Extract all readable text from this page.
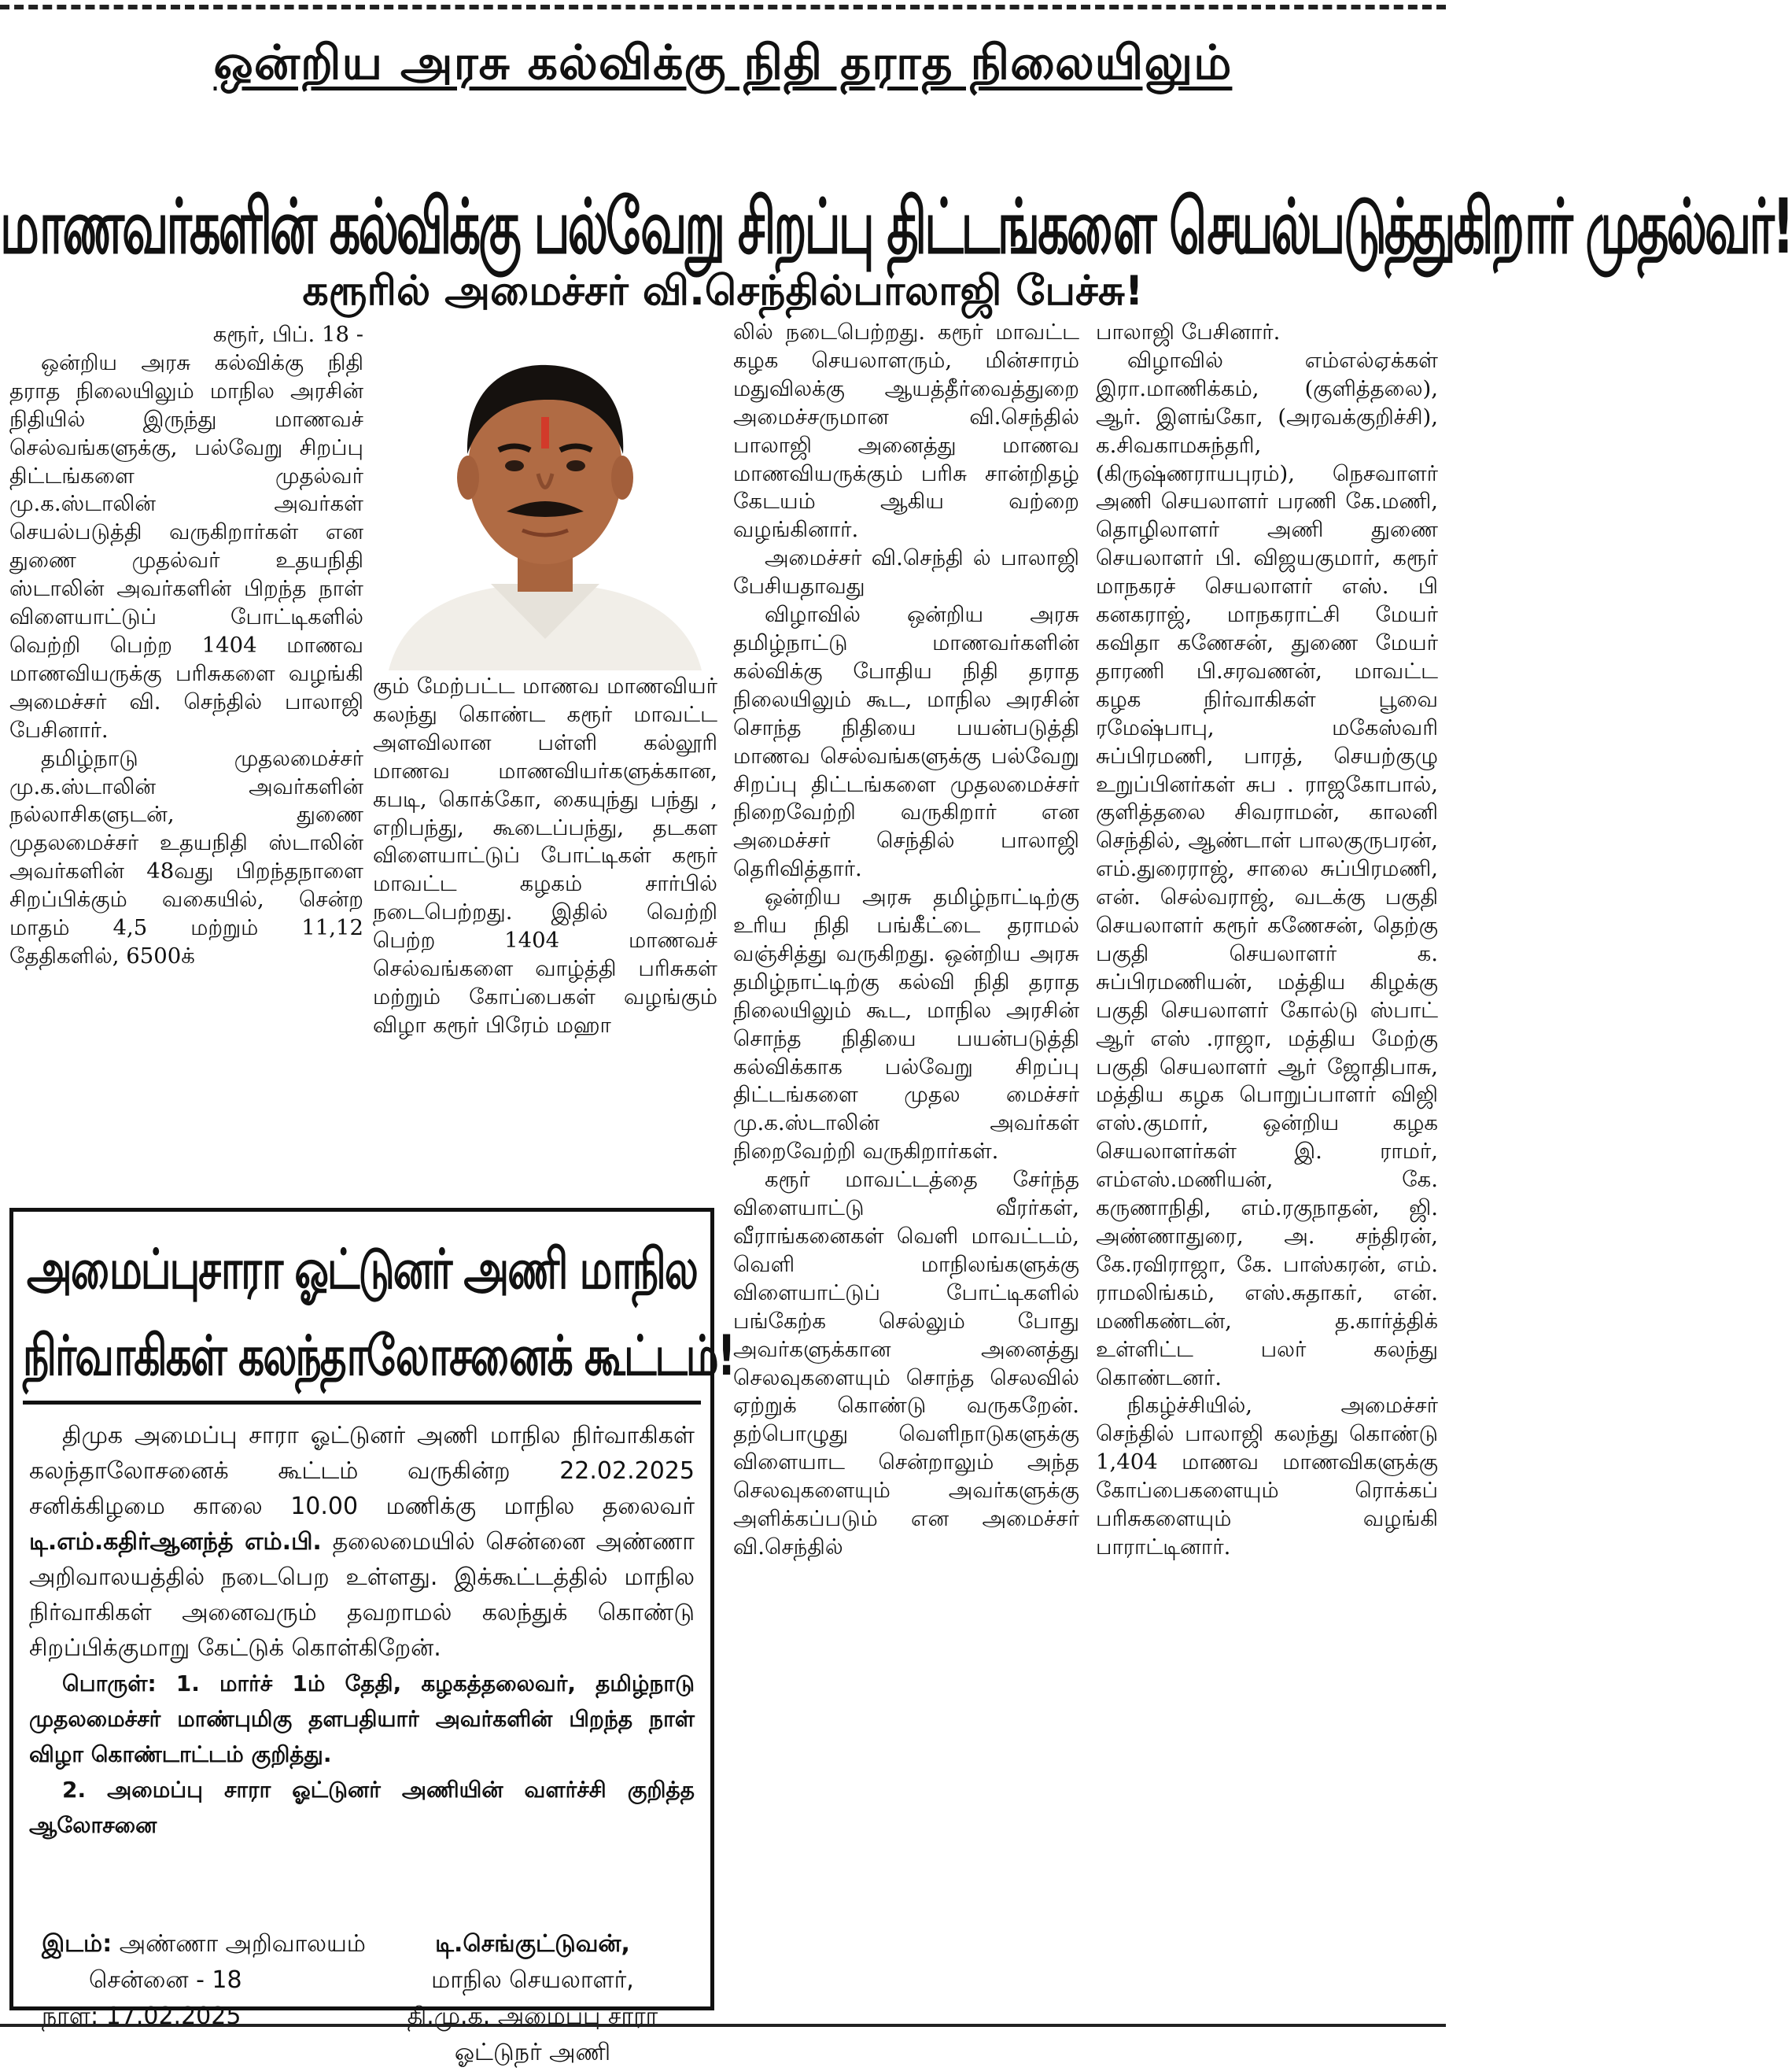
ஒன்றிய அரசு கல்விக்கு நிதி தராத நிலையிலும்
மாணவர்களின் கல்விக்கு பல்வேறு சிறப்பு திட்டங்களை செயல்படுத்துகிறார் முதல்வர்!
கரூரில் அமைச்சர் வி.செந்தில்பாலாஜி பேச்சு!

கரூர், பிப். 18 -

ஒன்றிய அரசு கல்விக்கு நிதி தராத நிலையிலும் மாநில அரசின் நிதியில் இருந்து மாணவச் செல்வங்களுக்கு, பல்வேறு சிறப்பு திட்டங்களை முதல்வர் மு.க.ஸ்டாலின் அவர்கள் செயல்படுத்தி வருகிறார்கள் என துணை முதல்வர் உதயநிதி ஸ்டாலின் அவர்களின் பிறந்த நாள் விளையாட்டுப் போட்டிகளில் வெற்றி பெற்ற 1404 மாணவ மாணவியருக்கு பரிசுகளை வழங்கி அமைச்சர் வி. செந்தில் பாலாஜி பேசினார்.

தமிழ்நாடு முதலமைச்சர் மு.க.ஸ்டாலின் அவர்களின் நல்லாசிகளுடன், துணை முதலமைச்சர் உதயநிதி ஸ்டாலின் அவர்களின் 48வது பிறந்தநாளை சிறப்பிக்கும் வகையில், சென்ற மாதம் 4,5 மற்றும் 11,12 தேதிகளில், 6500க்

கும் மேற்பட்ட மாணவ மாணவியர் கலந்து கொண்ட கரூர் மாவட்ட அளவிலான பள்ளி கல்லூரி மாணவ மாணவியர்களுக்கான, கபடி, கொக்கோ, கையுந்து பந்து , எறிபந்து, கூடைப்பந்து, தடகள விளையாட்டுப் போட்டிகள் கரூர் மாவட்ட கழகம் சார்பில் நடைபெற்றது. இதில் வெற்றி பெற்ற 1404 மாணவச் செல்வங்களை வாழ்த்தி பரிசுகள் மற்றும் கோப்பைகள் வழங்கும் விழா கரூர் பிரேம் மஹா

லில் நடைபெற்றது. கரூர் மாவட்ட கழக செயலாளரும், மின்சாரம் மதுவிலக்கு ஆயத்தீர்வைத்துறை அமைச்சருமான வி.செந்தில் பாலாஜி அனைத்து மாணவ மாணவியருக்கும் பரிசு சான்றிதழ் கேடயம் ஆகிய வற்றை வழங்கினார்.

அமைச்சர் வி.செந்தி ல் பாலாஜி பேசியதாவது

விழாவில் ஒன்றிய அரசு தமிழ்நாட்டு மாணவர்களின் கல்விக்கு போதிய நிதி தராத நிலையிலும் கூட, மாநில அரசின் சொந்த நிதியை பயன்படுத்தி மாணவ செல்வங்களுக்கு பல்வேறு சிறப்பு திட்டங்களை முதலமைச்சர் நிறைவேற்றி வருகிறார் என அமைச்சர் செந்தில் பாலாஜி தெரிவித்தார்.

ஒன்றிய அரசு தமிழ்நாட்டிற்கு உரிய நிதி பங்கீட்டை தராமல் வஞ்சித்து வருகிறது. ஒன்றிய அரசு தமிழ்நாட்டிற்கு கல்வி நிதி தராத நிலையிலும் கூட, மாநில அரசின் சொந்த நிதியை பயன்படுத்தி கல்விக்காக பல்வேறு சிறப்பு திட்டங்களை முதல மைச்சர் மு.க.ஸ்டாலின் அவர்கள் நிறைவேற்றி வருகிறார்கள்.

கரூர் மாவட்டத்தை சேர்ந்த விளையாட்டு வீரர்கள், வீராங்கனைகள் வெளி மாவட்டம், வெளி மாநிலங்களுக்கு விளையாட்டுப் போட்டிகளில் பங்கேற்க செல்லும் போது அவர்களுக்கான அனைத்து செலவுகளையும் சொந்த செலவில் ஏற்றுக் கொண்டு வருகறேன். தற்பொழுது வெளிநாடுகளுக்கு விளையாட சென்றாலும் அந்த செலவுகளையும் அவர்களுக்கு அளிக்கப்படும் என அமைச்சர் வி.செந்தில்

பாலாஜி பேசினார்.

விழாவில் எம்எல்ஏக்கள் இரா.மாணிக்கம், (குளித்தலை), ஆர். இளங்கோ, (அரவக்குறிச்சி), க.சிவகாமசுந்தரி, (கிருஷ்ணராயபுரம்), நெசவாளர் அணி செயலாளர் பரணி கே.மணி, தொழிலாளர் அணி துணை செயலாளர் பி. விஜயகுமார், கரூர் மாநகரச் செயலாளர் எஸ். பி கனகராஜ், மாநகராட்சி மேயர் கவிதா கணேசன், துணை மேயர் தாரணி பி.சரவணன், மாவட்ட கழக நிர்வாகிகள் பூவை ரமேஷ்பாபு, மகேஸ்வரி சுப்பிரமணி, பாரத், செயற்குழு உறுப்பினர்கள் சுப . ராஜகோபால், குளித்தலை சிவராமன், காலனி செந்தில், ஆண்டாள் பாலகுருபரன், எம்.துரைராஜ், சாலை சுப்பிரமணி, என். செல்வராஜ், வடக்கு பகுதி செயலாளர் கரூர் கணேசன், தெற்கு பகுதி செயலாளர் க. சுப்பிரமணியன், மத்திய கிழக்கு பகுதி செயலாளர் கோல்டு ஸ்பாட் ஆர் எஸ் .ராஜா, மத்திய மேற்கு பகுதி செயலாளர் ஆர் ஜோதிபாசு, மத்திய கழக பொறுப்பாளர் விஜி எஸ்.குமார், ஒன்றிய கழக செயலாளர்கள் இ. ராமர், எம்எஸ்.மணியன், கே. கருணாநிதி, எம்.ரகுநாதன், ஜி. அண்ணாதுரை, அ. சந்திரன், கே.ரவிராஜா, கே. பாஸ்கரன், எம். ராமலிங்கம், எஸ்.சுதாகர், என். மணிகண்டன், த.கார்த்திக் உள்ளிட்ட பலர் கலந்து கொண்டனர்.

நிகழ்ச்சியில், அமைச்சர் செந்தில் பாலாஜி கலந்து கொண்டு 1,404 மாணவ மாணவிகளுக்கு கோப்பைகளையும் ரொக்கப் பரிசுகளையும் வழங்கி பாராட்டினார்.

அமைப்புசாரா ஓட்டுனர் அணி மாநில
நிர்வாகிகள் கலந்தாலோசனைக் கூட்டம்!

திமுக அமைப்பு சாரா ஓட்டுனர் அணி மாநில நிர்வாகிகள் கலந்தாலோசனைக் கூட்டம் வருகின்ற 22.02.2025 சனிக்கிழமை காலை 10.00 மணிக்கு மாநில தலைவர் டி.எம்.கதிர்ஆனந்த் எம்.பி. தலைமையில் சென்னை அண்ணா அறிவாலயத்தில் நடைபெற உள்ளது. இக்கூட்டத்தில் மாநில நிர்வாகிகள் அனைவரும் தவறாமல் கலந்துக் கொண்டு சிறப்பிக்குமாறு கேட்டுக் கொள்கிறேன்.

பொருள்: 1. மார்ச் 1ம் தேதி, கழகத்தலைவர், தமிழ்நாடு முதலமைச்சர் மாண்புமிகு தளபதியார் அவர்களின் பிறந்த நாள் விழா கொண்டாட்டம் குறித்து.

2. அமைப்பு சாரா ஓட்டுனர் அணியின் வளர்ச்சி குறித்த ஆலோசனை

இடம்: அண்ணா அறிவாலயம்
சென்னை - 18
நாள்: 17.02.2025
டி.செங்குட்டுவன்,
மாநில செயலாளர்,
தி.மு.க. அமைப்பு சாரா
ஓட்டுநர் அணி
